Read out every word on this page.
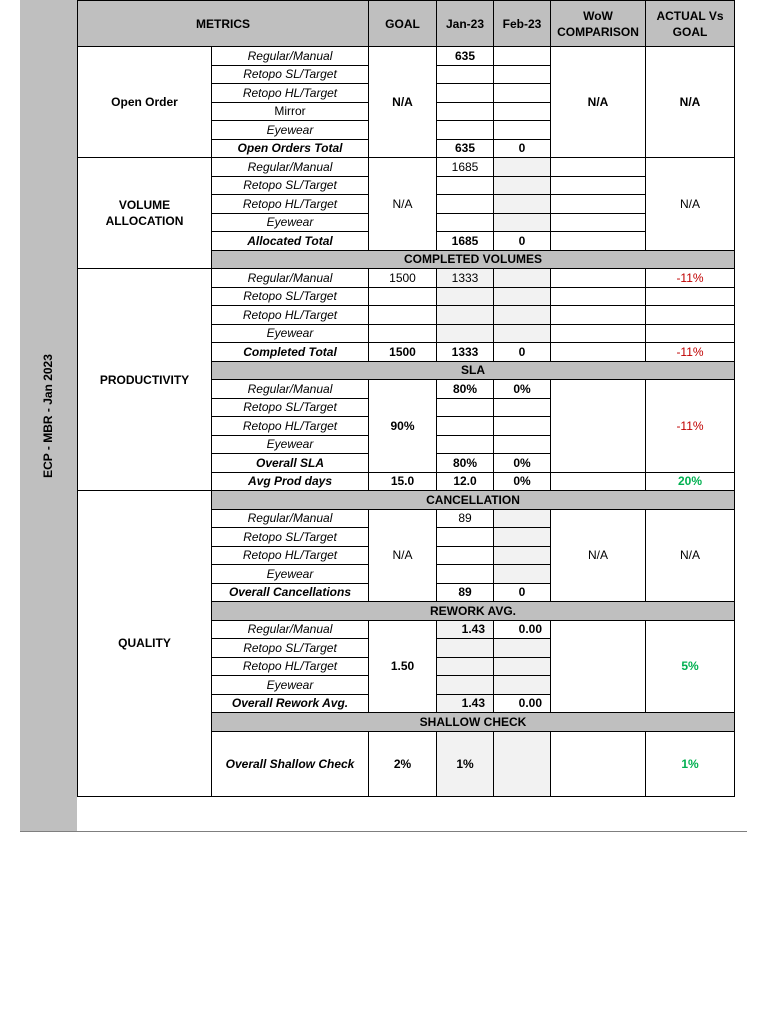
ECP - MBR - Jan 2023
METRICS		GOAL	Jan-23	Feb-23	WoW COMPARISON	ACTUAL Vs GOAL
Open Order	Regular/Manual	N/A	635		N/A	N/A
	Retopo SL/Target					
	Retopo HL/Target					
	Mirror					
	Eyewear					
	Open Orders Total		635	0		
VOLUME ALLOCATION	Regular/Manual	N/A	1685			N/A
	Retopo SL/Target					
	Retopo HL/Target					
	Eyewear					
	Allocated Total		1685	0		
	COMPLETED VOLUMES					
PRODUCTIVITY	Regular/Manual	1500	1333			-11%
	Retopo SL/Target					
	Retopo HL/Target					
	Eyewear					
	Completed Total	1500	1333	0		-11%
	SLA					
	Regular/Manual	90%	80%	0%		-11%
	Retopo SL/Target					
	Retopo HL/Target					
	Eyewear					
	Overall SLA		80%	0%		
	Avg Prod days	15.0	12.0	0%		20%
QUALITY	CANCELLATION					
	Regular/Manual	N/A	89		N/A	N/A
	Retopo SL/Target					
	Retopo HL/Target					
	Eyewear					
	Overall Cancellations		89	0		
	REWORK AVG.					
	Regular/Manual	1.50	1.43	0.00		5%
	Retopo SL/Target					
	Retopo HL/Target					
	Eyewear					
	Overall Rework Avg.		1.43	0.00		
	SHALLOW CHECK					
	Overall Shallow Check	2%	1%			1%
